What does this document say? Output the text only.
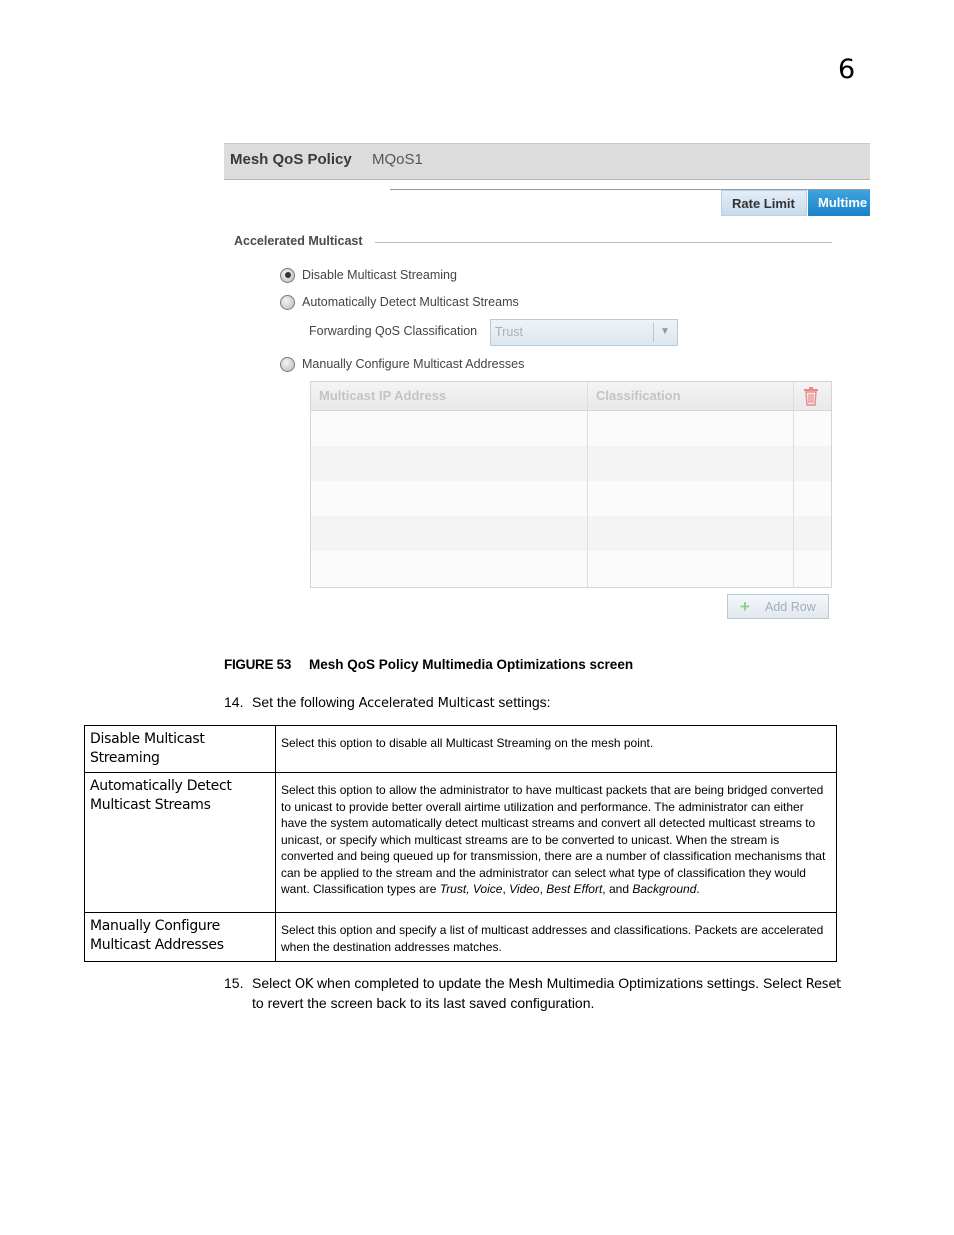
6
Mesh QoS Policy MQoS1
Rate Limit	Multime
Accelerated Multicast
Disable Multicast Streaming
Automatically Detect Multicast Streams
Forwarding QoS Classification Trust	▼
Manually Configure Multicast Addresses
Multicast IP Address	Classification
+ Add Row
FIGURE 53 Mesh QoS Policy Multimedia Optimizations screen
14. Set the following Accelerated Multicast settings:
Disable Multicast Streaming	Select this option to disable all Multicast Streaming on the mesh point.
Automatically Detect Multicast Streams	Select this option to allow the administrator to have multicast packets that are being bridged converted to unicast to provide better overall airtime utilization and performance. The administrator can either have the system automatically detect multicast streams and convert all detected multicast streams to unicast, or specify which multicast streams are to be converted to unicast. When the stream is converted and being queued up for transmission, there are a number of classification mechanisms that can be applied to the stream and the administrator can select what type of classification they would want. Classification types are Trust, Voice, Video, Best Effort, and Background.
Manually Configure Multicast Addresses	Select this option and specify a list of multicast addresses and classifications. Packets are accelerated when the destination addresses matches.
15. Select OK when completed to update the Mesh Multimedia Optimizations settings. Select Reset to revert the screen back to its last saved configuration.
